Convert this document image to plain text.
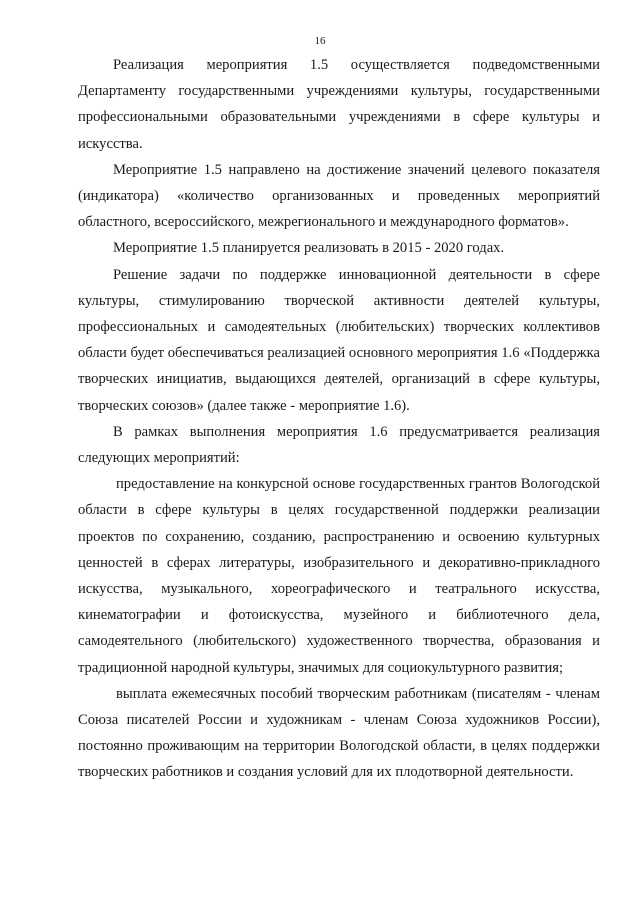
16

Реализация мероприятия 1.5 осуществляется подведомственными Департаменту государственными учреждениями культуры, государственными профессиональными образовательными учреждениями в сфере культуры и искусства.

Мероприятие 1.5 направлено на достижение значений целевого показателя (индикатора) «количество организованных и проведенных мероприятий областного, всероссийского, межрегионального и международного форматов».

Мероприятие 1.5 планируется реализовать в 2015 - 2020 годах.

Решение задачи по поддержке инновационной деятельности в сфере культуры, стимулированию творческой активности деятелей культуры, профессиональных и самодеятельных (любительских) творческих коллективов области будет обеспечиваться реализацией основного мероприятия 1.6 «Поддержка творческих инициатив, выдающихся деятелей, организаций в сфере культуры, творческих союзов» (далее также - мероприятие 1.6).

В рамках выполнения мероприятия 1.6 предусматривается реализация следующих мероприятий:

предоставление на конкурсной основе государственных грантов Вологодской области в сфере культуры в целях государственной поддержки реализации проектов по сохранению, созданию, распространению и освоению культурных ценностей в сферах литературы, изобразительного и декоративно-прикладного искусства, музыкального, хореографического и театрального искусства, кинематографии и фотоискусства, музейного и библиотечного дела, самодеятельного (любительского) художественного творчества, образования и традиционной народной культуры, значимых для социокультурного развития;

выплата ежемесячных пособий творческим работникам (писателям - членам Союза писателей России и художникам - членам Союза художников России), постоянно проживающим на территории Вологодской области, в целях поддержки творческих работников и создания условий для их плодотворной деятельности.
